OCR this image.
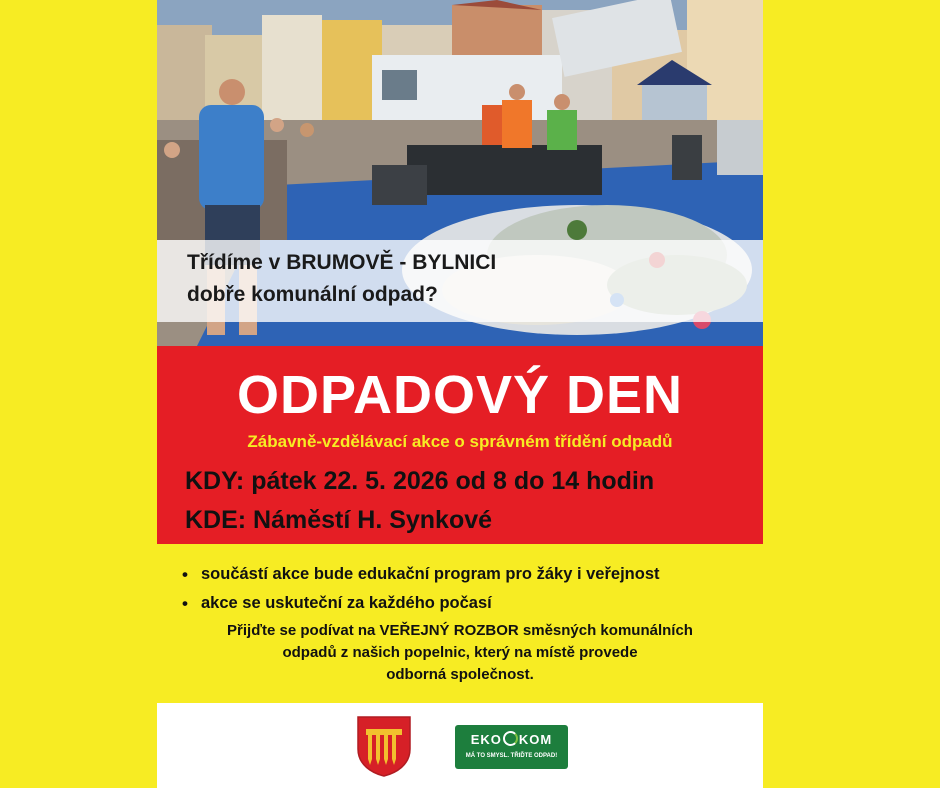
Třídíme v BRUMOVĚ - BYLNICI
dobře komunální odpad?
ODPADOVÝ DEN
Zábavně-vzdělávací akce o správném třídění odpadů
KDY: pátek 22. 5. 2026 od 8 do 14 hodin
KDE: Náměstí H. Synkové
• součástí akce bude edukační program pro žáky i veřejnost
• akce se uskuteční za každého počasí
Přijďte se podívat na VEŘEJNÝ ROZBOR směsných komunálních
odpadů z našich popelnic, který na místě provede
odborná společnost.
EKO KOM
MÁ TO SMYSL. TŘIĎTE ODPAD!
